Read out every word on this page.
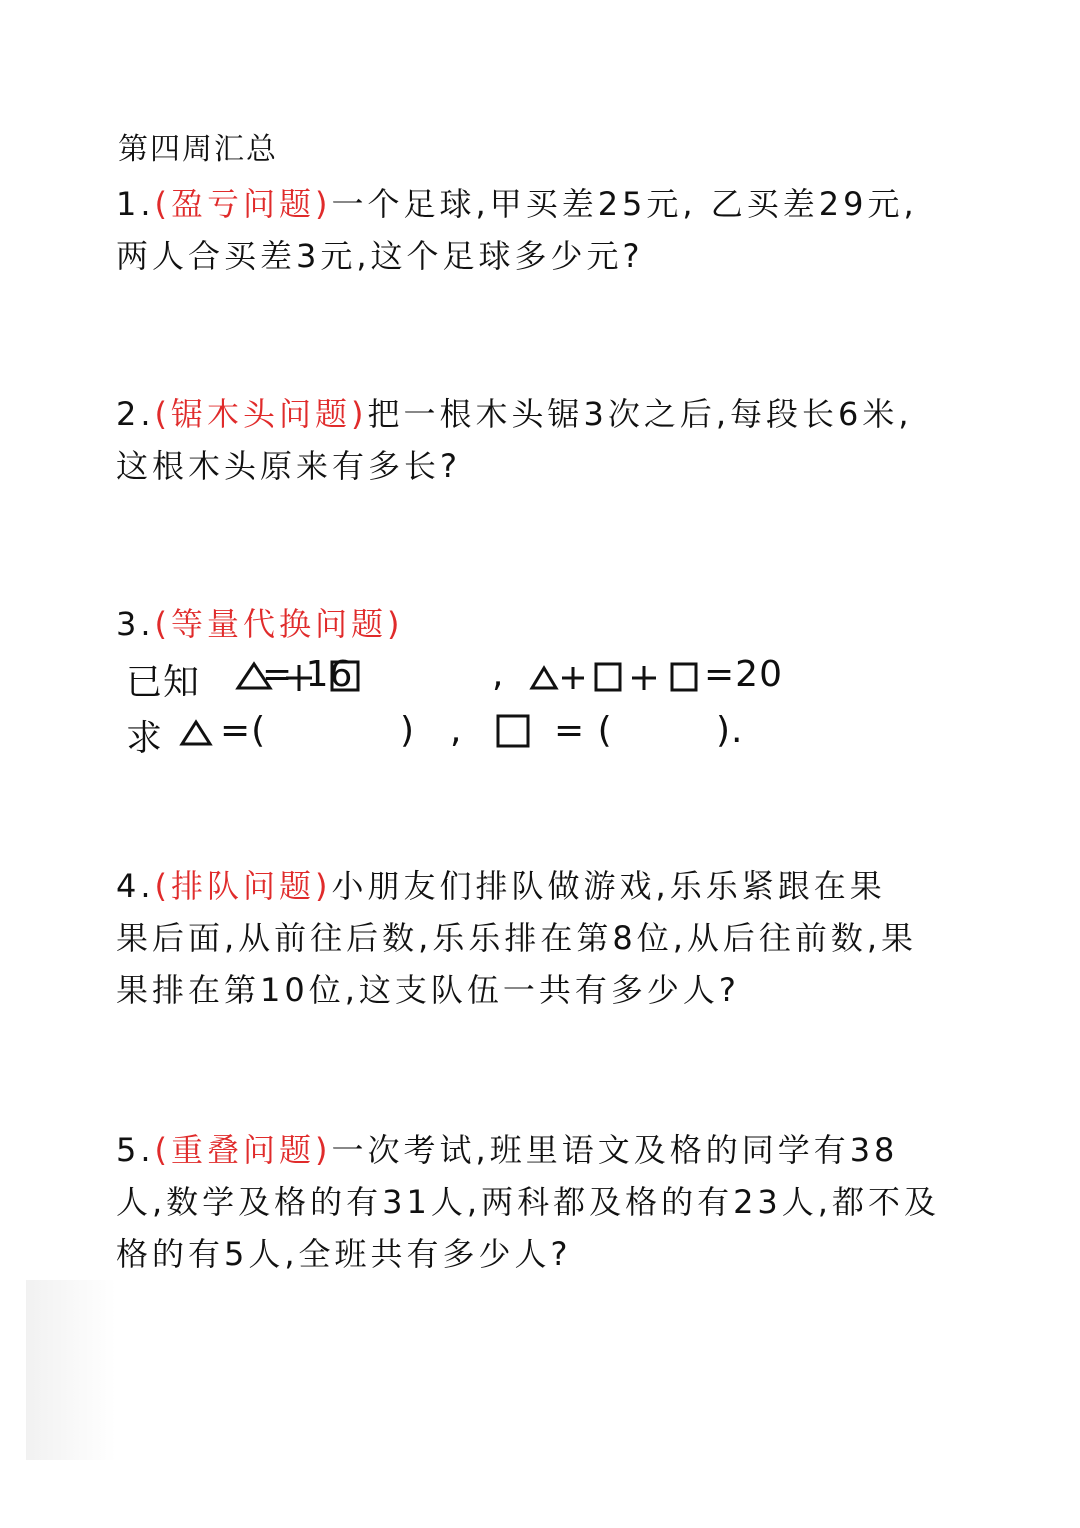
第四周汇总
1.(盈亏问题)一个足球,甲买差25元, 乙买差29元,
两人合买差3元,这个足球多少元?
2.(锯木头问题)把一根木头锯3次之后,每段长6米,
这根木头原来有多长?
3.(等量代换问题)
已知 = 16	,	=20
求 =(	) ,	= (	).
4.(排队问题)小朋友们排队做游戏,乐乐紧跟在果
果后面,从前往后数,乐乐排在第8位,从后往前数,果
果排在第10位,这支队伍一共有多少人?
5.(重叠问题)一次考试,班里语文及格的同学有38
人,数学及格的有31人,两科都及格的有23人,都不及
格的有5人,全班共有多少人?
